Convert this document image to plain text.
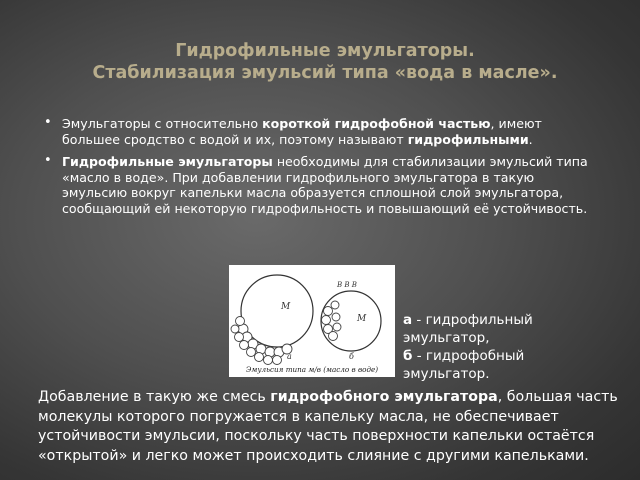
Гидрофильные эмульгаторы.
Стабилизация эмульсий типа «вода в масле».
• Эмульгаторы с относительно короткой гидрофобной частью, имеют большее сродство с водой и их, поэтому называют гидрофильными.
• Гидрофильные эмульгаторы необходимы для стабилизации эмульсий типа «масло в воде». При добавлении гидрофильного эмульгатора в такую эмульсию вокруг капельки масла образуется сплошной слой эмульгатора, сообщающий ей некоторую гидрофильность и повышающий её устойчивость.
М
а
М
В В В
б
Эмульсия типа м/в (масло в воде)
а - гидрофильный эмульгатор,
б - гидрофобный эмульгатор.
Добавление в такую же смесь гидрофобного эмульгатора, большая часть молекулы которого погружается в капельку масла, не обеспечивает устойчивости эмульсии, поскольку часть поверхности капельки остаётся «открытой» и легко может происходить слияние с другими капельками.
